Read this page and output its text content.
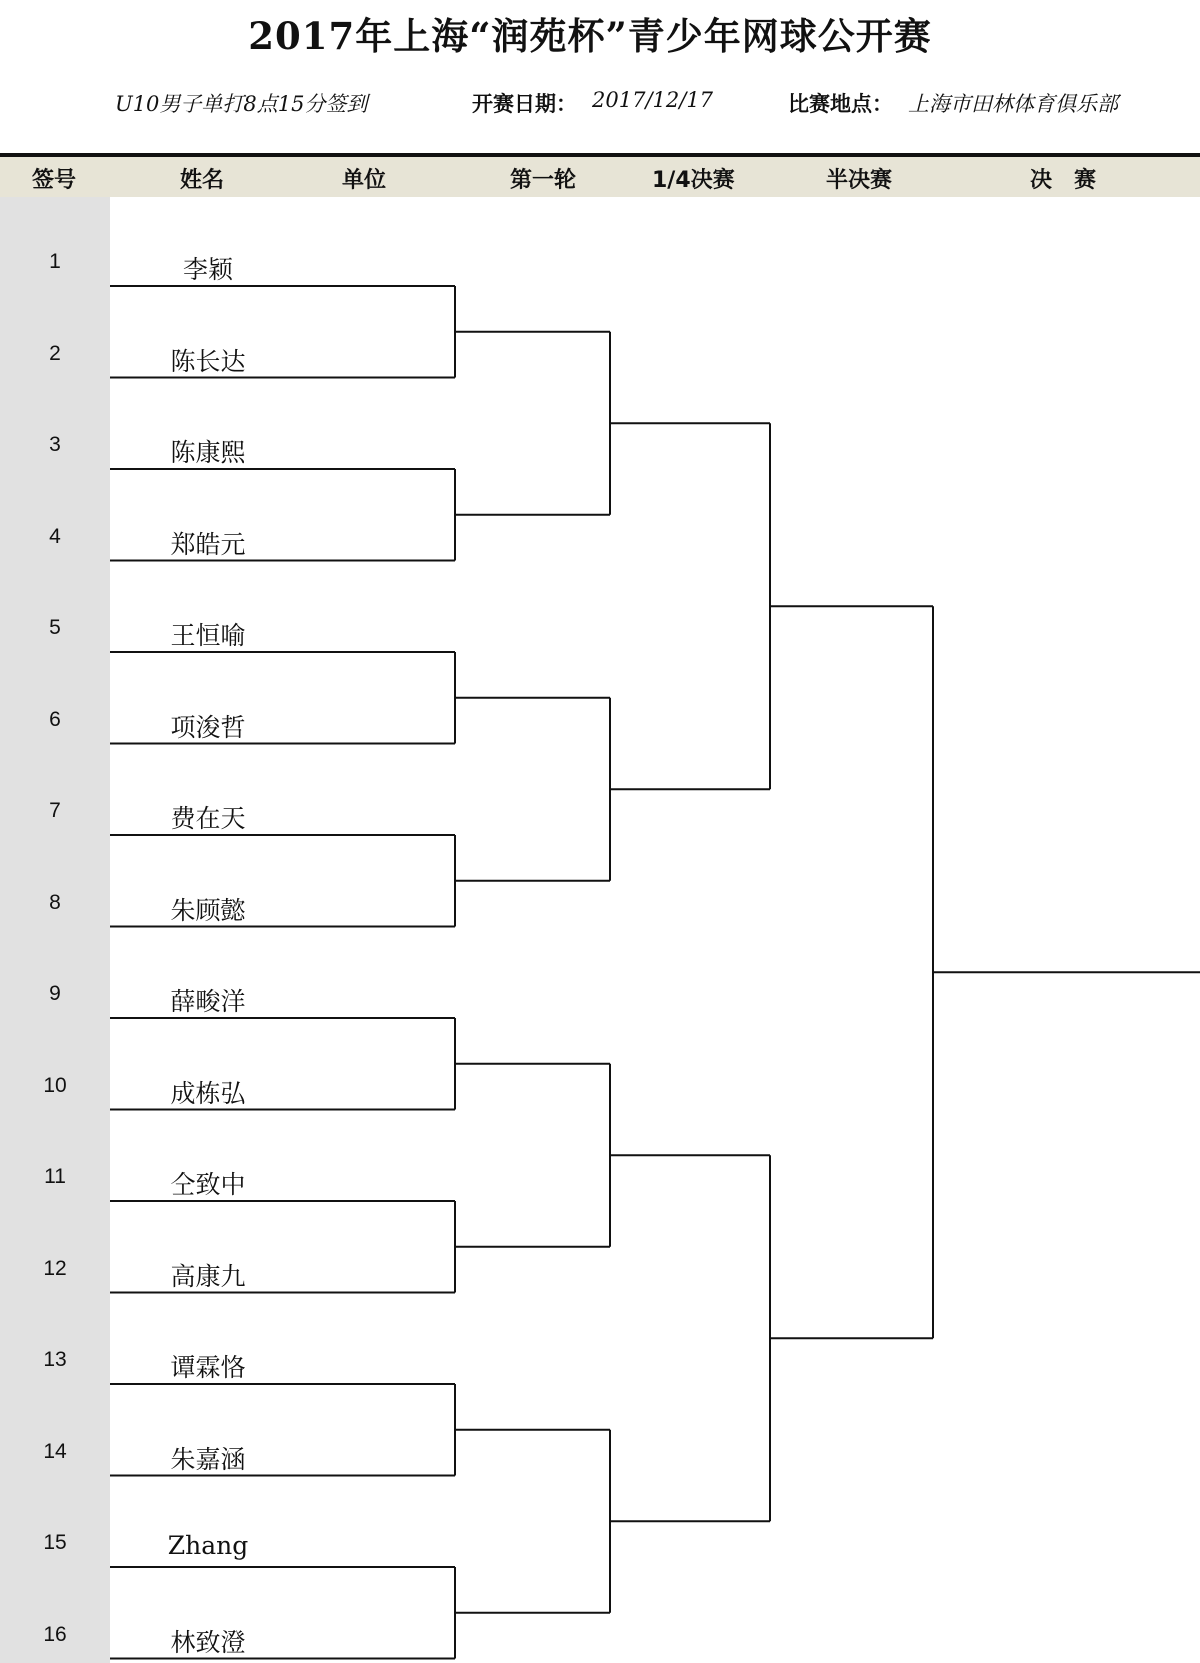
2017年上海“润苑杯”青少年网球公开赛
U10男子单打8点15分签到	开赛日期： 2017/12/17	比赛地点： 上海市田林体育俱乐部
签号	姓名	单位	第一轮	1/4决赛	半决赛	决　赛
1	李颖
2	陈长达
3	陈康熙
4	郑皓元
5	王恒喻
6	项浚哲
7	费在天
8	朱顾懿
9	薛畯洋
10	成栋弘
11	仝致中
12	高康九
13	谭霖恪
14	朱嘉涵
15	Zhang
16	林致澄
